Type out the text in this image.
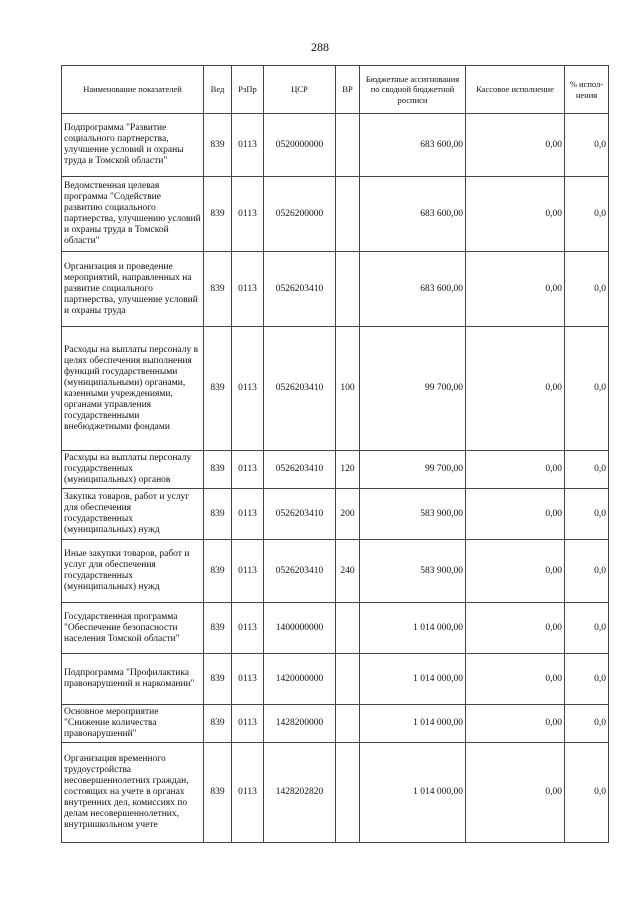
288
Наименование показателей	Вед	РзПр	ЦСР	ВР	Бюджетные ассигнования по сводной бюджетной росписи	Кассовое исполнение	% испол-нения
Подпрограмма "Развитие социального партнерства, улучшение условий и охраны труда в Томской области"	839	0113	0520000000		683 600,00	0,00	0,0
Ведомственная целевая программа "Содействие развитию социального партнерства, улучшению условий и охраны труда в Томской области"	839	0113	0526200000		683 600,00	0,00	0,0
Организация и проведение мероприятий, направленных на развитие социального партнерства, улучшение условий и охраны труда	839	0113	0526203410		683 600,00	0,00	0,0
Расходы на выплаты персоналу в целях обеспечения выполнения функций государственными (муниципальными) органами, казенными учреждениями, органами управления государственными внебюджетными фондами	839	0113	0526203410	100	99 700,00	0,00	0,0
Расходы на выплаты персоналу государственных (муниципальных) органов	839	0113	0526203410	120	99 700,00	0,00	0,0
Закупка товаров, работ и услуг для обеспечения государственных (муниципальных) нужд	839	0113	0526203410	200	583 900,00	0,00	0,0
Иные закупки товаров, работ и услуг для обеспечения государственных (муниципальных) нужд	839	0113	0526203410	240	583 900,00	0,00	0,0
Государственная программа "Обеспечение безопасности населения Томской области"	839	0113	1400000000		1 014 000,00	0,00	0,0
Подпрограмма "Профилактика правонарушений и наркомании"	839	0113	1420000000		1 014 000,00	0,00	0,0
Основное мероприятие "Снижение количества правонарушений"	839	0113	1428200000		1 014 000,00	0,00	0,0
Организация временного трудоустройства несовершеннолетних граждан, состоящих на учете в органах внутренних дел, комиссиях по делам несовершеннолетних, внутришкольном учете	839	0113	1428202820		1 014 000,00	0,00	0,0
